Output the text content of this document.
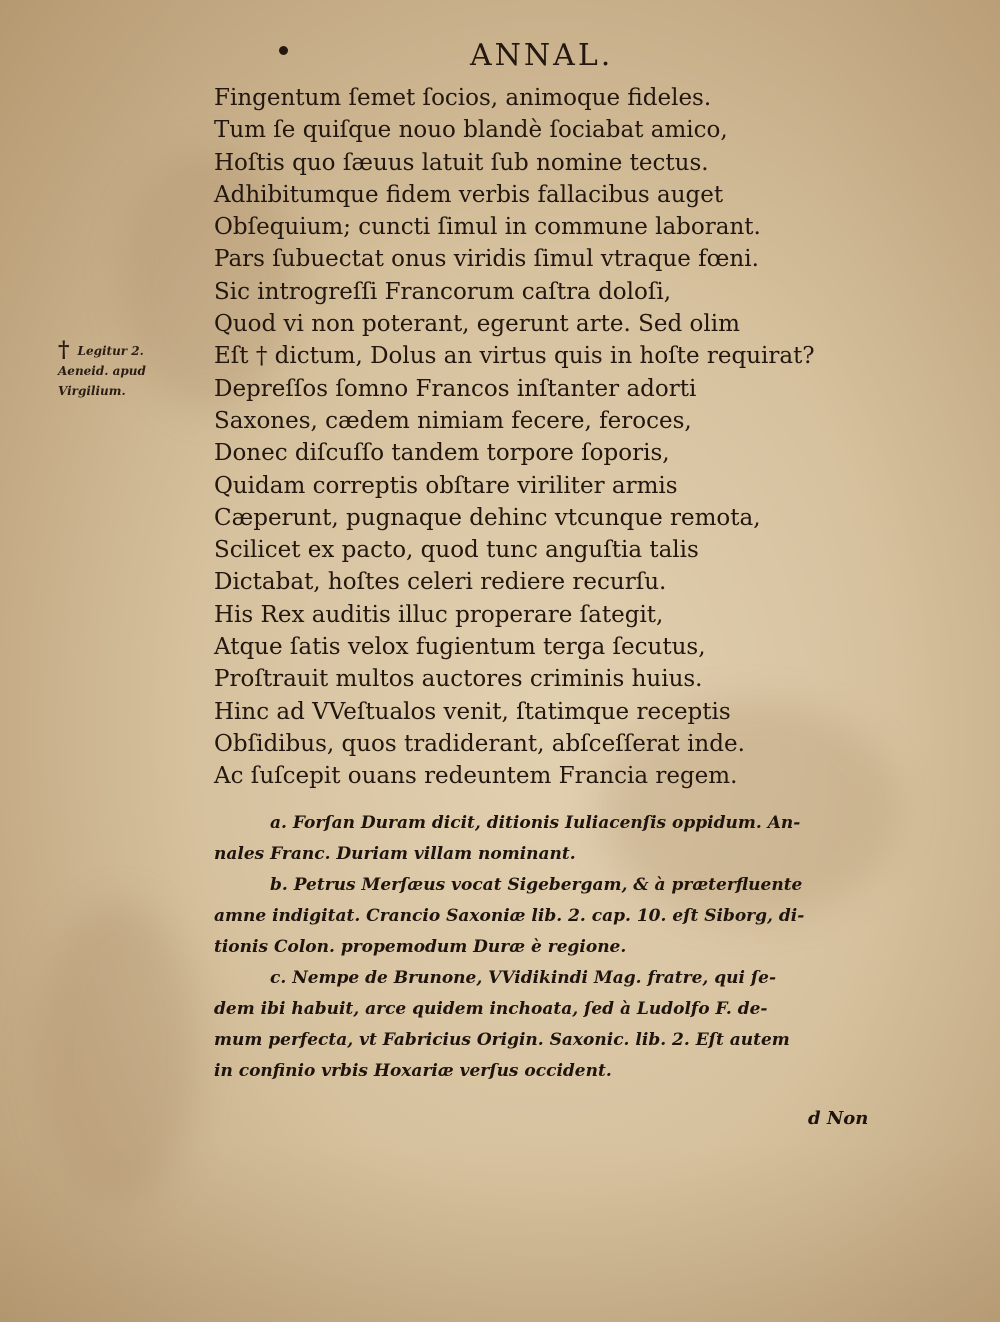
ANNAL.
† Legitur 2.
Aeneid. apud
Virgilium.
Fingentum ſemet ſocios, animoque fideles.
Tum ſe quiſque nouo blandè ſociabat amico,
Hoſtis quo ſæuus latuit ſub nomine tectus.
Adhibitumque fidem verbis fallacibus auget
Obſequium; cuncti ſimul in commune laborant.
Pars ſubuectat onus viridis ſimul vtraque fœni.
Sic introgreſſi Francorum caſtra doloſi,
Quod vi non poterant, egerunt arte. Sed olim
Eſt † dictum, Dolus an virtus quis in hoſte requirat?
Depreſſos ſomno Francos inſtanter adorti
Saxones, cædem nimiam fecere, feroces,
Donec diſcuſſo tandem torpore ſoporis,
Quidam correptis obſtare viriliter armis
Cæperunt, pugnaque dehinc vtcunque remota,
Scilicet ex pacto, quod tunc anguſtia talis
Dictabat, hoſtes celeri rediere recurſu.
His Rex auditis illuc properare ſategit,
Atque ſatis velox fugientum terga ſecutus,
Proſtrauit multos auctores criminis huius.
Hinc ad VVeſtualos venit, ſtatimque receptis
Obſidibus, quos tradiderant, abſceſſerat inde.
Ac ſuſcepit ouans redeuntem Francia regem.
a. Forſan Duram dicit, ditionis Iuliacenſis oppidum. An-
nales Franc. Duriam villam nominant.
b. Petrus Merſæus vocat Sigebergam, & à præterfluente
amne indigitat. Crancio Saxoniæ lib. 2. cap. 10. eſt Siborg, di-
tionis Colon. propemodum Duræ è regione.
c. Nempe de Brunone, VVidikindi Mag. fratre, qui ſe-
dem ibi habuit, arce quidem inchoata, ſed à Ludolfo F. de-
mum perfecta, vt Fabricius Origin. Saxonic. lib. 2. Eſt autem
in confinio vrbis Hoxariæ verſus occident.
d Non
